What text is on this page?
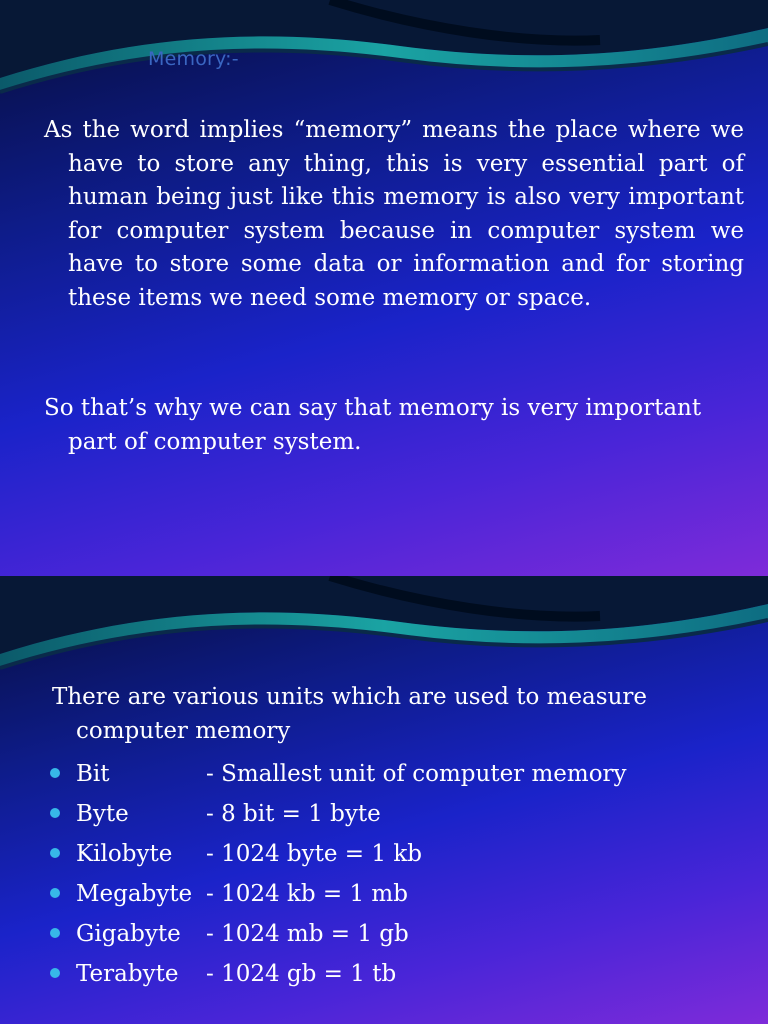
Memory:-

As the word implies “memory” means the place where we have to store any thing, this is very essential part of human being just like this memory is also very important for computer system because in computer system we have to store some data or information and for storing these items we need some memory or space.

So that’s why we can say that memory is very important part of computer system.

There are various units which are used to measure computer memory
Bit	- Smallest unit of computer memory
Byte	- 8 bit = 1 byte
Kilobyte	- 1024 byte = 1 kb
Megabyte - 1024 kb = 1 mb
Gigabyte	- 1024 mb = 1 gb
Terabyte	- 1024 gb = 1 tb
